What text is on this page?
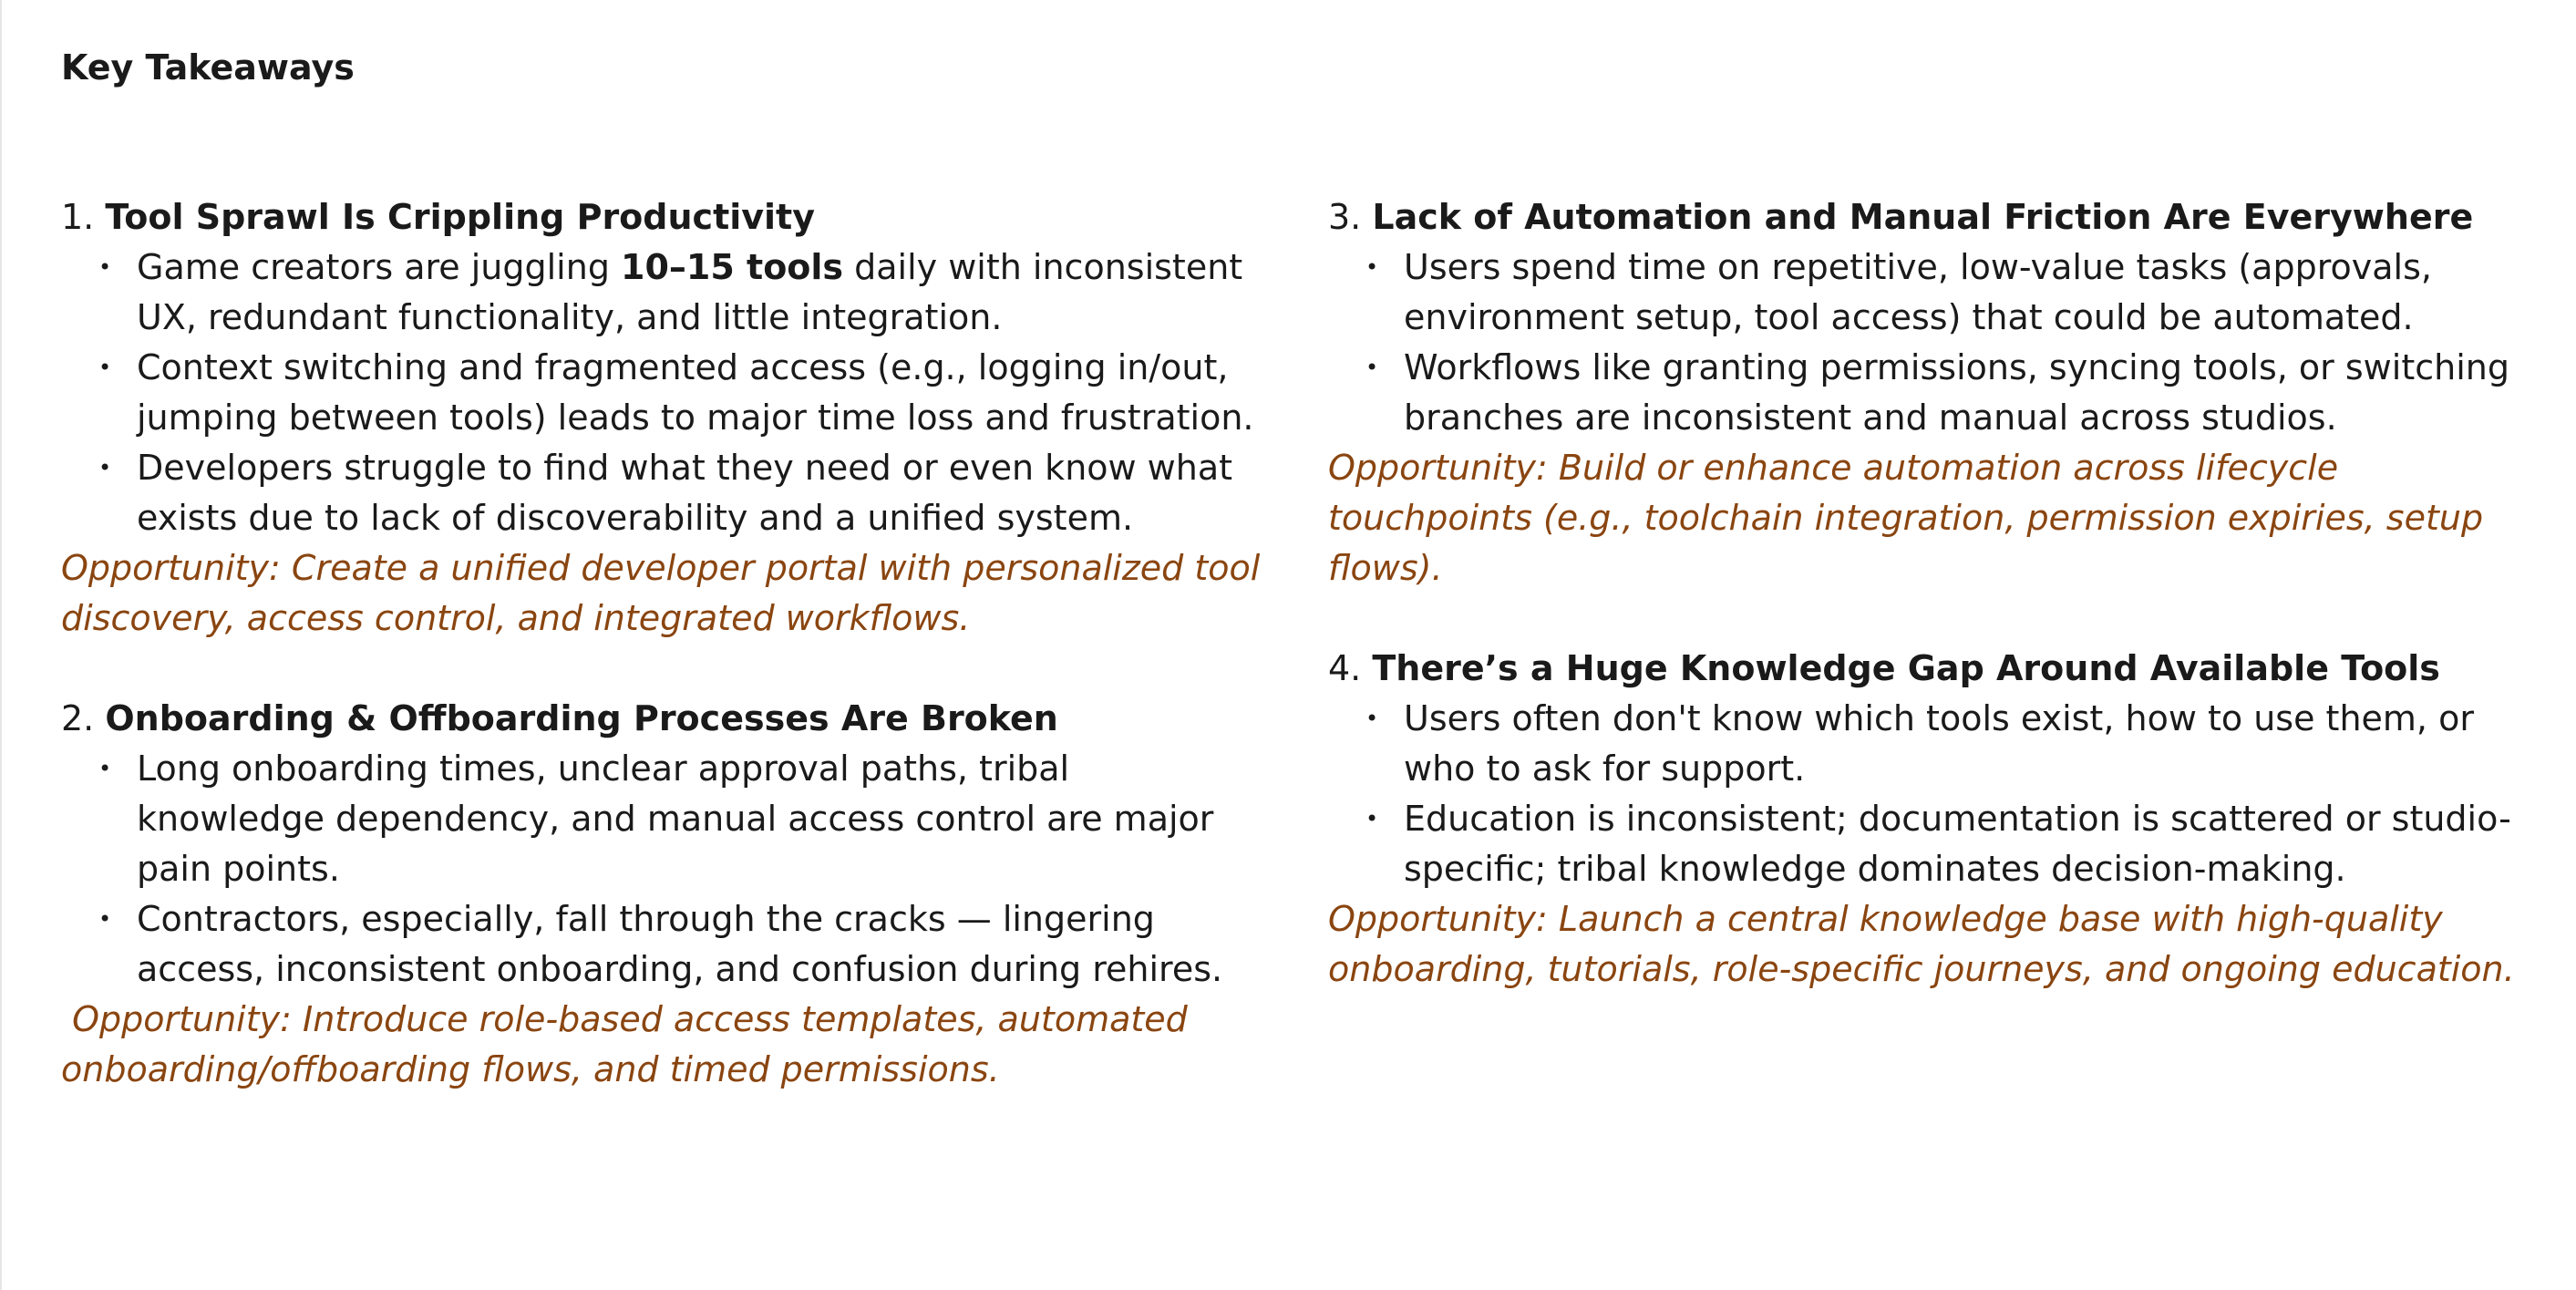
Key Takeaways

1. Tool Sprawl Is Crippling Productivity

• Game creators are juggling 10–15 tools daily with inconsistent UX, redundant functionality, and little integration.
• Context switching and fragmented access (e.g., logging in/out, jumping between tools) leads to major time loss and frustration.
• Developers struggle to find what they need or even know what exists due to lack of discoverability and a unified system.

Opportunity: Create a unified developer portal with personalized tool discovery, access control, and integrated workflows.

2. Onboarding & Offboarding Processes Are Broken

• Long onboarding times, unclear approval paths, tribal knowledge dependency, and manual access control are major pain points.
• Contractors, especially, fall through the cracks — lingering access, inconsistent onboarding, and confusion during rehires.

Opportunity: Introduce role-based access templates, automated onboarding/offboarding flows, and timed permissions.

3. Lack of Automation and Manual Friction Are Everywhere

• Users spend time on repetitive, low-value tasks (approvals, environment setup, tool access) that could be automated.
• Workflows like granting permissions, syncing tools, or switching branches are inconsistent and manual across studios.

Opportunity: Build or enhance automation across lifecycle touchpoints (e.g., toolchain integration, permission expiries, setup flows).

4. There’s a Huge Knowledge Gap Around Available Tools

• Users often don't know which tools exist, how to use them, or who to ask for support.
• Education is inconsistent; documentation is scattered or studio-specific; tribal knowledge dominates decision-making.

Opportunity: Launch a central knowledge base with high-quality onboarding, tutorials, role-specific journeys, and ongoing education.
